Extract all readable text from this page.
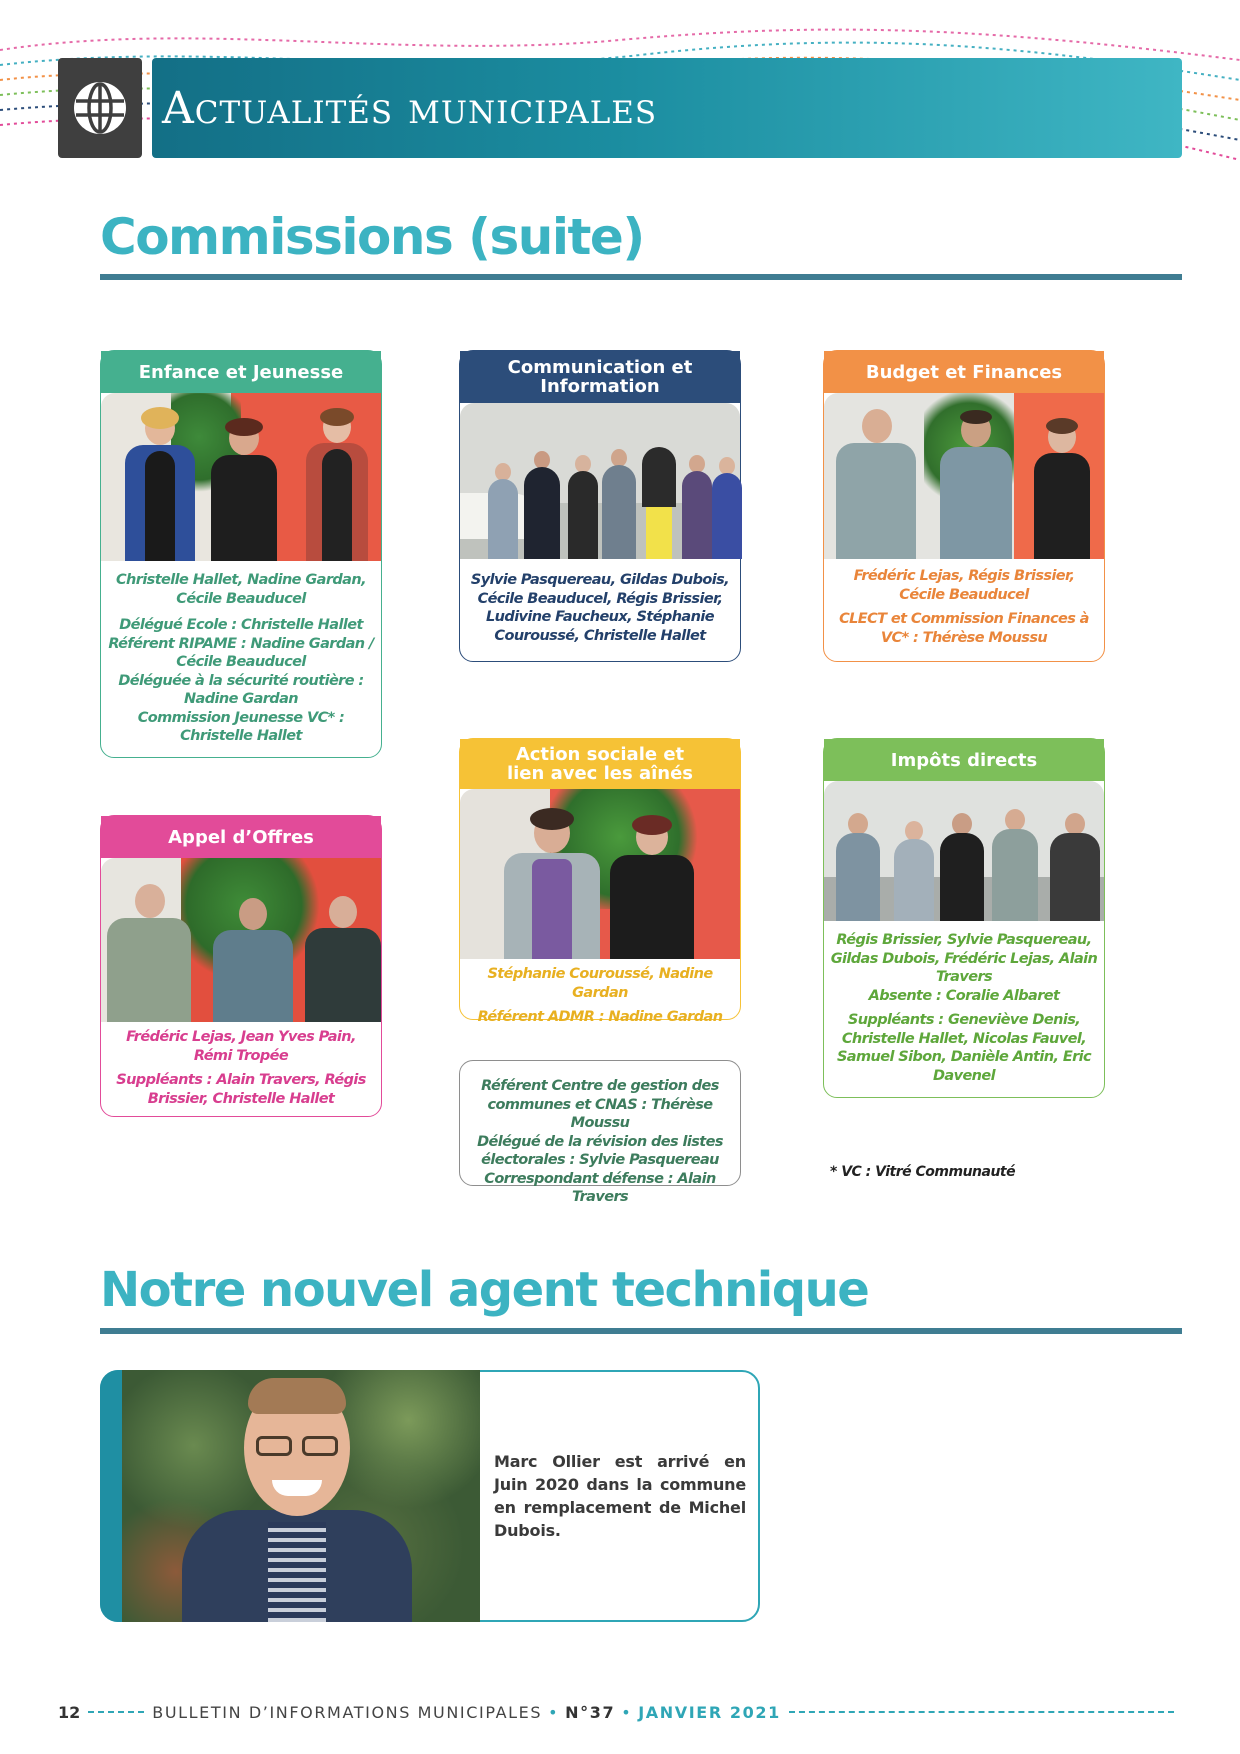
Actualités municipales
Commissions (suite)
Enfance et Jeunesse

Christelle Hallet, Nadine Gardan, Cécile Beauducel

Délégué Ecole : Christelle Hallet

Référent RIPAME : Nadine Gardan / Cécile Beauducel

Déléguée à la sécurité routière : Nadine Gardan

Commission Jeunesse VC* : Christelle Hallet

Communication et
Information

Sylvie Pasquereau, Gildas Dubois, Cécile Beauducel, Régis Brissier, Ludivine Faucheux, Stéphanie Couroussé, Christelle Hallet

Budget et Finances

Frédéric Lejas, Régis Brissier, Cécile Beauducel

CLECT et Commission Finances à VC* : Thérèse Moussu

Appel d’Offres

Frédéric Lejas, Jean Yves Pain, Rémi Tropée

Suppléants : Alain Travers, Régis Brissier, Christelle Hallet

Action sociale et
lien avec les aînés

Stéphanie Couroussé, Nadine Gardan

Référent ADMR : Nadine Gardan

Impôts directs

Régis Brissier, Sylvie Pasquereau, Gildas Dubois, Frédéric Lejas, Alain Travers

Absente : Coralie Albaret

Suppléants : Geneviève Denis, Christelle Hallet, Nicolas Fauvel, Samuel Sibon, Danièle Antin, Eric Davenel

Référent Centre de gestion des communes et CNAS : Thérèse Moussu

Délégué de la révision des listes électorales : Sylvie Pasquereau

Correspondant défense : Alain Travers

* VC : Vitré Communauté
Notre nouvel agent technique
Marc Ollier est arrivé en Juin 2020 dans la commune en remplacement de Michel Dubois.
12	BULLETIN D’INFORMATIONS MUNICIPALES • N°37 • JANVIER 2021
